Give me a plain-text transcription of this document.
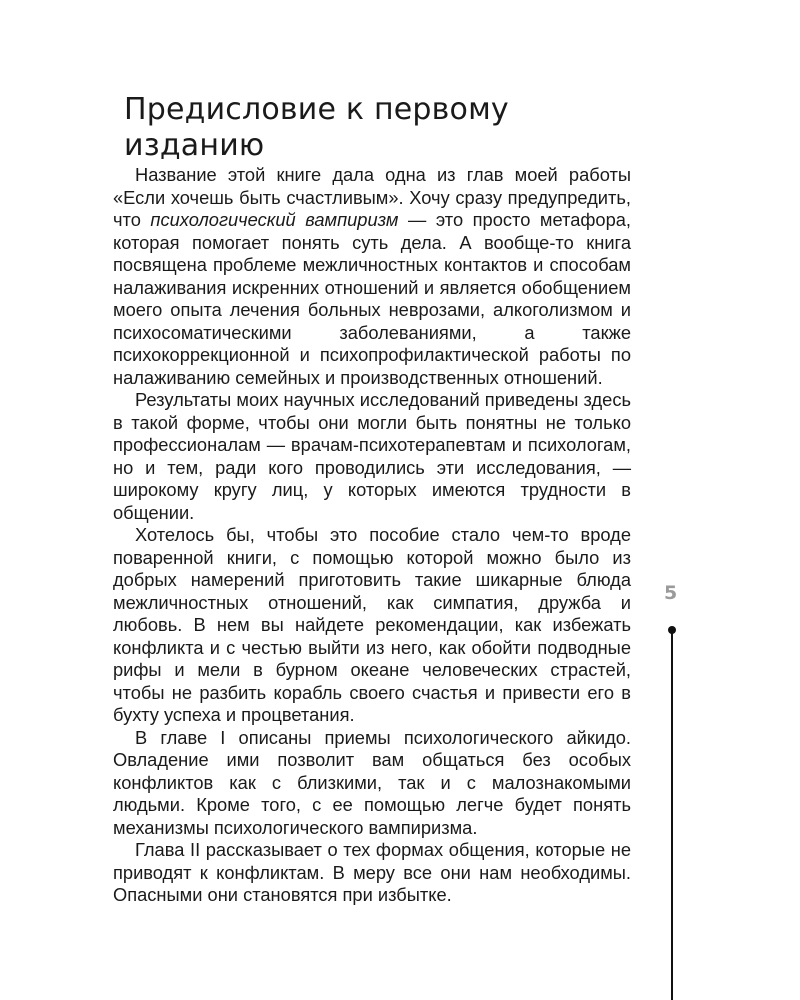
Предисловие к первому
изданию

Название этой книге дала одна из глав моей работы «Если хочешь быть счастливым». Хочу сразу предупредить, что психологический вампиризм — это просто метафора, которая помогает понять суть дела. А вообще-то книга посвящена проблеме межличностных контактов и способам налаживания искренних отношений и является обобщением моего опыта лечения больных неврозами, алкоголизмом и психосоматическими заболеваниями, а также психокоррекционной и психопрофилактической работы по налаживанию семейных и производственных отношений.

Результаты моих научных исследований приведены здесь в такой форме, чтобы они могли быть понятны не только профессионалам — врачам-психотерапевтам и психологам, но и тем, ради кого проводились эти исследования, — широкому кругу лиц, у которых имеются трудности в общении.

Хотелось бы, чтобы это пособие стало чем-то вроде поваренной книги, с помощью которой можно было из добрых намерений приготовить такие шикарные блюда межличностных отношений, как симпатия, дружба и любовь. В нем вы найдете рекомендации, как избежать конфликта и с честью выйти из него, как обойти подводные рифы и мели в бурном океане человеческих страстей, чтобы не разбить корабль своего счастья и привести его в бухту успеха и процветания.

В главе I описаны приемы психологического айкидо. Овладение ими позволит вам общаться без особых конфликтов как с близкими, так и с малознакомыми людьми. Кроме того, с ее помощью легче будет понять механизмы психологического вампиризма.

Глава II рассказывает о тех формах общения, которые не приводят к конфликтам. В меру все они нам необходимы. Опасными они становятся при избытке.

5
